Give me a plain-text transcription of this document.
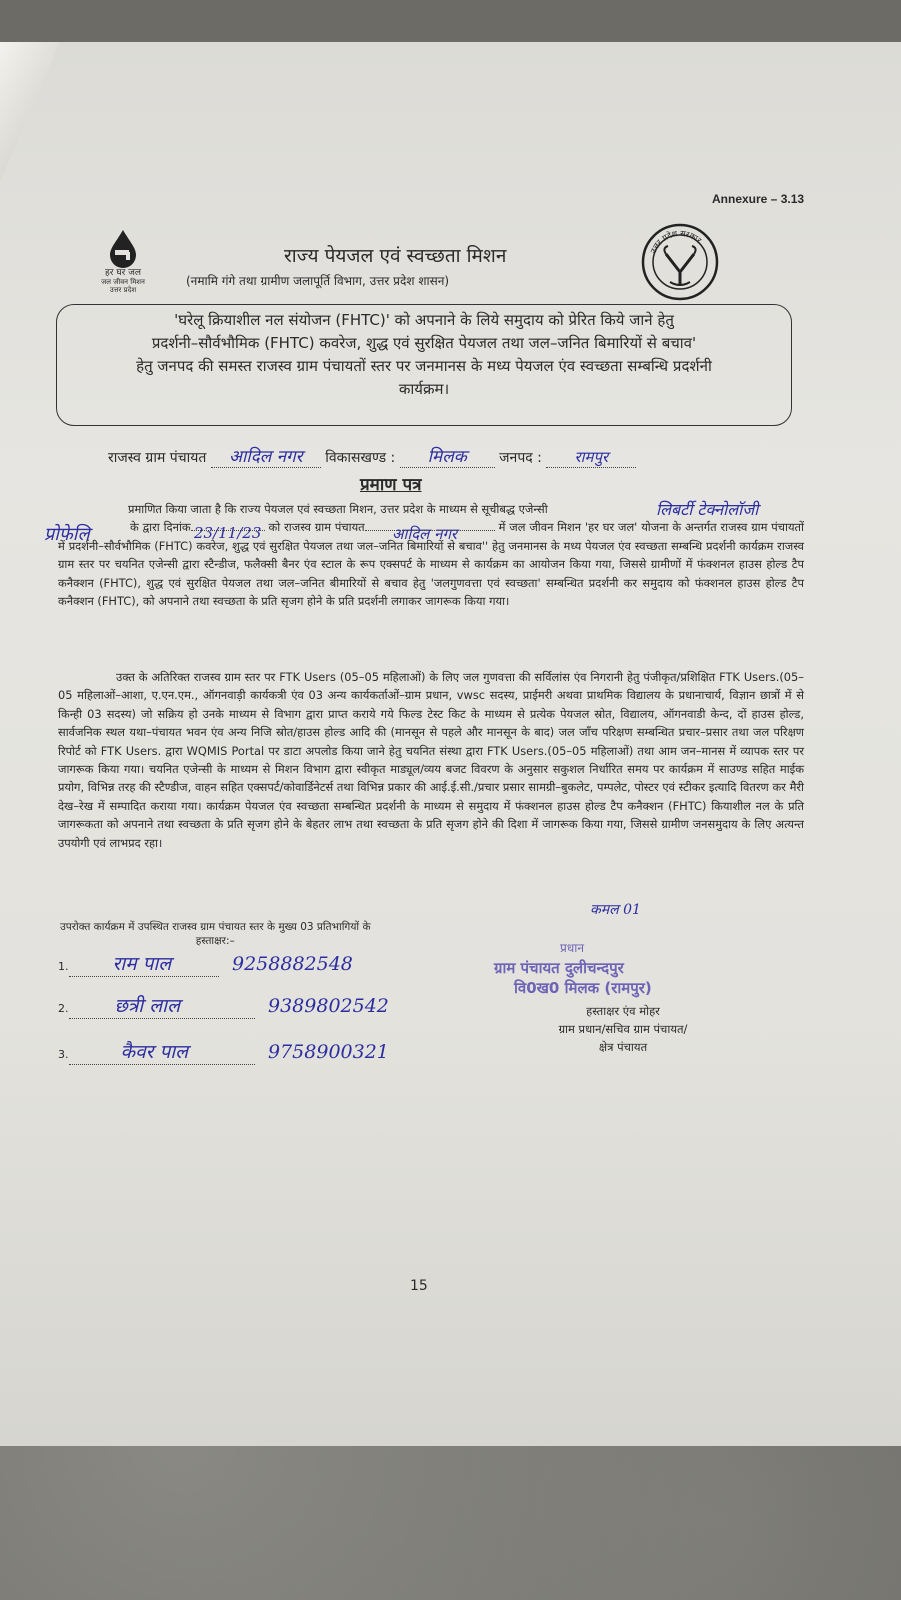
Annexure – 3.13
हर घर जल
जल जीवन मिशन
उत्तर प्रदेश
उत्तर प्रदेश सरकार
राज्य पेयजल एवं स्वच्छता मिशन
(नमामि गंगे तथा ग्रामीण जलापूर्ति विभाग, उत्तर प्रदेश शासन)
'घरेलू क्रियाशील नल संयोजन (FHTC)' को अपनाने के लिये समुदाय को प्रेरित किये जाने हेतु
प्रदर्शनी–सौर्वभौमिक (FHTC) कवरेज, शुद्ध एवं सुरक्षित पेयजल तथा जल–जनित बिमारियों से बचाव'
हेतु जनपद की समस्त राजस्व ग्राम पंचायतों स्तर पर जनमानस के मध्य पेयजल एंव स्वच्छता सम्बन्धि प्रदर्शनी
कार्यक्रम।
राजस्व ग्राम पंचायत आदिल नगर विकासखण्ड : मिलक जनपद : रामपुर
प्रमाण पत्र
लिबर्टी टेक्नोलॉजी
प्रोफेलि	23/11/23	आदिल नगर
प्रमाणित किया जाता है कि राज्य पेयजल एवं स्वच्छता मिशन, उत्तर प्रदेश के माध्यम से सूचीबद्ध एजेन्सी
के द्वारा दिनांक	को राजस्व ग्राम पंचायत	में जल जीवन मिशन 'हर घर जल' योजना के अन्तर्गत राजस्व ग्राम पंचायतों में प्रदर्शनी–सौर्वभौमिक (FHTC) कवरेज, शुद्ध एवं सुरक्षित पेयजल तथा जल–जनित बिमारियों से बचाव'' हेतु जनमानस के मध्य पेयजल एंव स्वच्छता सम्बन्धि प्रदर्शनी कार्यक्रम राजस्व ग्राम स्तर पर चयनित एजेन्सी द्वारा स्टैन्डीज, फलैक्सी बैनर एंव स्टाल के रूप एक्सपर्ट के माध्यम से कार्यक्रम का आयोजन किया गया, जिससे ग्रामीणों में फंक्शनल हाउस होल्ड टैप कनैक्शन (FHTC), शुद्ध एवं सुरक्षित पेयजल तथा जल–जनित बीमारियों से बचाव हेतु 'जलगुणवत्ता एवं स्वच्छता' सम्बन्धित प्रदर्शनी कर समुदाय को फंक्शनल हाउस होल्ड टैप कनैक्शन (FHTC), को अपनाने तथा स्वच्छता के प्रति सृजग होने के प्रति प्रदर्शनी लगाकर जागरूक किया गया।
उक्त के अतिरिक्त राजस्व ग्राम स्तर पर FTK Users (05–05 महिलाओं) के लिए जल गुणवत्ता की सर्विलांस एंव निगरानी हेतु पंजीकृत/प्रशिक्षित FTK Users.(05–05 महिलाओं–आशा, ए.एन.एम., ऑगनवाड़ी कार्यकत्री एंव 03 अन्य कार्यकर्ताओं–ग्राम प्रधान, vwsc सदस्य, प्राईमरी अथवा प्राथमिक विद्यालय के प्रधानाचार्य, विज्ञान छात्रों में से किन्ही 03 सदस्य) जो सक्रिय हो उनके माध्यम से विभाग द्वारा प्राप्त कराये गये फिल्ड टेस्ट किट के माध्यम से प्रत्येक पेयजल स्रोत, विद्यालय, ऑगनवाडी केन्द, दों हाउस होल्ड, सार्वजनिक स्थल यथा–पंचायत भवन एंव अन्य निजि स्रोत/हाउस होल्ड आदि की (मानसून से पहले और मानसून के बाद) जल जाँच परिक्षण सम्बन्धित प्रचार–प्रसार तथा जल परिक्षण रिपोर्ट को FTK Users. द्वारा WQMIS Portal पर डाटा अपलोड किया जाने हेतु चयनित संस्था द्वारा FTK Users.(05–05 महिलाओं) तथा आम जन–मानस में व्यापक स्तर पर जागरूक किया गया। चयनित एजेन्सी के माध्यम से मिशन विभाग द्वारा स्वीकृत माड्यूल/व्यय बजट विवरण के अनुसार सकुशल निर्धारित समय पर कार्यक्रम में साउण्ड सहित माईक प्रयोग, विभिन्न तरह की स्टैण्डीज, वाहन सहित एक्सपर्ट/कोवार्डिनेटर्स तथा विभिन्न प्रकार की आई.ई.सी./प्रचार प्रसार सामग्री–बुकलेट, पम्पलेट, पोस्टर एवं स्टीकर इत्यादि वितरण कर मेैरी देख–रेख में सम्पादित कराया गया। कार्यक्रम पेयजल एंव स्वच्छता सम्बन्धित प्रदर्शनी के माध्यम से समुदाय में फंक्शनल हाउस होल्ड टैप कनैक्शन (FHTC) कियाशील नल के प्रति जागरूकता को अपनाने तथा स्वच्छता के प्रति सृजग होने के बेहतर लाभ तथा स्वच्छता के प्रति सृजग होने की दिशा में जागरूक किया गया, जिससे ग्रामीण जनसमुदाय के लिए अत्यन्त उपयोगी एवं लाभप्रद रहा।
उपरोक्त कार्यक्रम में उपस्थित राजस्व ग्राम पंचायत स्तर के मुख्य 03 प्रतिभागियों के
हस्ताक्षर:–
1. राम पाल	9258882548
2. छत्री लाल	9389802542
3.	कैवर पाल	9758900321
कमल 01
प्रधान
ग्राम पंचायत दुलीचन्दपुर
वि0ख0 मिलक (रामपुर)
हस्ताक्षर एंव मोहर
ग्राम प्रधान/सचिव ग्राम पंचायत/
क्षेत्र पंचायत
15
